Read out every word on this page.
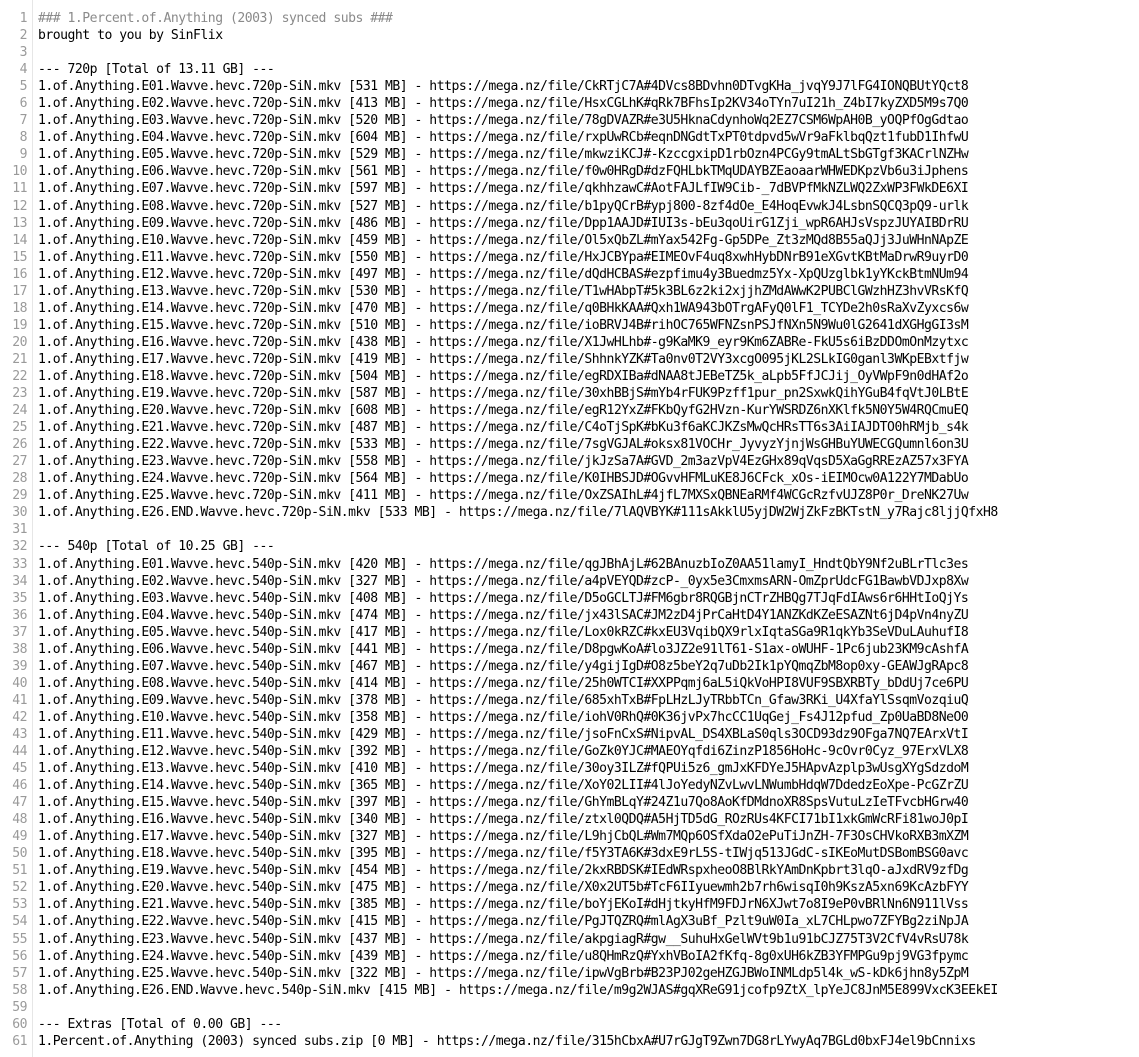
1 ### 1.Percent.of.Anything (2003) synced subs ###
2 brought to you by SinFlix
3
4 --- 720p [Total of 13.11 GB] ---
5 1.of.Anything.E01.Wavve.hevc.720p-SiN.mkv [531 MB] - https://mega.nz/file/CkRTjC7A#4DVcs8BDvhn0DTvgKHa_jvqY9J7lFG4IONQBUtYQct8
6 1.of.Anything.E02.Wavve.hevc.720p-SiN.mkv [413 MB] - https://mega.nz/file/HsxCGLhK#qRk7BFhsIp2KV34oTYn7uI21h_Z4bI7kyZXD5M9s7Q0
7 1.of.Anything.E03.Wavve.hevc.720p-SiN.mkv [520 MB] - https://mega.nz/file/78gDVAZR#e3U5HknaCdynhoWq2EZ7CSM6WpAH0B_yOQPfOgGdtao
8 1.of.Anything.E04.Wavve.hevc.720p-SiN.mkv [604 MB] - https://mega.nz/file/rxpUwRCb#eqnDNGdtTxPT0tdpvd5wVr9aFklbqQzt1fubD1IhfwU
9 1.of.Anything.E05.Wavve.hevc.720p-SiN.mkv [529 MB] - https://mega.nz/file/mkwziKCJ#-KzccgxipD1rbOzn4PCGy9tmALtSbGTgf3KACrlNZHw
10 1.of.Anything.E06.Wavve.hevc.720p-SiN.mkv [561 MB] - https://mega.nz/file/f0w0HRgD#dzFQHLbkTMqUDAYBZEaoaarWHWEDKpzVb6u3iJphens
11 1.of.Anything.E07.Wavve.hevc.720p-SiN.mkv [597 MB] - https://mega.nz/file/qkhhzawC#AotFAJLfIW9Cib-_7dBVPfMkNZLWQ2ZxWP3FWkDE6XI
12 1.of.Anything.E08.Wavve.hevc.720p-SiN.mkv [527 MB] - https://mega.nz/file/b1pyQCrB#ypj800-8zf4dOe_E4HoqEvwkJ4LsbnSQCQ3pQ9-urlk
13 1.of.Anything.E09.Wavve.hevc.720p-SiN.mkv [486 MB] - https://mega.nz/file/Dpp1AAJD#IUI3s-bEu3qoUirG1Zji_wpR6AHJsVspzJUYAIBDrRU
14 1.of.Anything.E10.Wavve.hevc.720p-SiN.mkv [459 MB] - https://mega.nz/file/Ol5xQbZL#mYax542Fg-Gp5DPe_Zt3zMQd8B55aQJj3JuWHnNApZE
15 1.of.Anything.E11.Wavve.hevc.720p-SiN.mkv [550 MB] - https://mega.nz/file/HxJCBYpa#EIMEOvF4uq8xwhHybDNrB91eXGvtKBtMaDrwR9uyrD0
16 1.of.Anything.E12.Wavve.hevc.720p-SiN.mkv [497 MB] - https://mega.nz/file/dQdHCBAS#ezpfimu4y3Buedmz5Yx-XpQUzglbk1yYKckBtmNUm94
17 1.of.Anything.E13.Wavve.hevc.720p-SiN.mkv [530 MB] - https://mega.nz/file/T1wHAbpT#5k3BL6z2ki2xjjhZMdAWwK2PUBClGWzhHZ3hvVRsKfQ
18 1.of.Anything.E14.Wavve.hevc.720p-SiN.mkv [470 MB] - https://mega.nz/file/q0BHkKAA#Qxh1WA943bOTrgAFyQ0lF1_TCYDe2h0sRaXvZyxcs6w
19 1.of.Anything.E15.Wavve.hevc.720p-SiN.mkv [510 MB] - https://mega.nz/file/ioBRVJ4B#rihOC765WFNZsnPSJfNXn5N9Wu0lG2641dXGHgGI3sM
20 1.of.Anything.E16.Wavve.hevc.720p-SiN.mkv [438 MB] - https://mega.nz/file/X1JwHLhb#-g9KaMK9_eyr9Km6ZABRe-FkU5s6iBzDDOmOnMzytxc
21 1.of.Anything.E17.Wavve.hevc.720p-SiN.mkv [419 MB] - https://mega.nz/file/ShhnkYZK#Ta0nv0T2VY3xcgO095jKL2SLkIG0ganl3WKpEBxtfjw
22 1.of.Anything.E18.Wavve.hevc.720p-SiN.mkv [504 MB] - https://mega.nz/file/egRDXIBa#dNAA8tJEBeTZ5k_aLpb5FfJCJij_OyVWpF9n0dHAf2o
23 1.of.Anything.E19.Wavve.hevc.720p-SiN.mkv [587 MB] - https://mega.nz/file/30xhBBjS#mYb4rFUK9Pzff1pur_pn2SxwkQihYGuB4fqVtJ0LBtE
24 1.of.Anything.E20.Wavve.hevc.720p-SiN.mkv [608 MB] - https://mega.nz/file/egR12YxZ#FKbQyfG2HVzn-KurYWSRDZ6nXKlfk5N0Y5W4RQCmuEQ
25 1.of.Anything.E21.Wavve.hevc.720p-SiN.mkv [487 MB] - https://mega.nz/file/C4oTjSpK#bKu3f6aKCJKZsMwQcHRsTT6s3AiIAJDTO0hRMjb_s4k
26 1.of.Anything.E22.Wavve.hevc.720p-SiN.mkv [533 MB] - https://mega.nz/file/7sgVGJAL#oksx81VOCHr_JyvyzYjnjWsGHBuYUWECGQumnl6on3U
27 1.of.Anything.E23.Wavve.hevc.720p-SiN.mkv [558 MB] - https://mega.nz/file/jkJzSa7A#GVD_2m3azVpV4EzGHx89qVqsD5XaGgRREzAZ57x3FYA
28 1.of.Anything.E24.Wavve.hevc.720p-SiN.mkv [564 MB] - https://mega.nz/file/K0IHBSJD#OGvvHFMLuKE8J6CFck_xOs-iEIMOcw0A122Y7MDabUo
29 1.of.Anything.E25.Wavve.hevc.720p-SiN.mkv [411 MB] - https://mega.nz/file/OxZSAIhL#4jfL7MXSxQBNEaRMf4WCGcRzfvUJZ8P0r_DreNK27Uw
30 1.of.Anything.E26.END.Wavve.hevc.720p-SiN.mkv [533 MB] - https://mega.nz/file/7lAQVBYK#111sAkklU5yjDW2WjZkFzBKTstN_y7Rajc8ljjQfxH8
31
32 --- 540p [Total of 10.25 GB] ---
33 1.of.Anything.E01.Wavve.hevc.540p-SiN.mkv [420 MB] - https://mega.nz/file/qgJBhAjL#62BAnuzbIoZ0AA51lamyI_HndtQbY9Nf2uBLrTlc3es
34 1.of.Anything.E02.Wavve.hevc.540p-SiN.mkv [327 MB] - https://mega.nz/file/a4pVEYQD#zcP-_0yx5e3CmxmsARN-OmZprUdcFG1BawbVDJxp8Xw
35 1.of.Anything.E03.Wavve.hevc.540p-SiN.mkv [408 MB] - https://mega.nz/file/D5oGCLTJ#FM6gbr8RQGBjnCTrZHBQg7TJqFdIAws6r6HHtIoQjYs
36 1.of.Anything.E04.Wavve.hevc.540p-SiN.mkv [474 MB] - https://mega.nz/file/jx43lSAC#JM2zD4jPrCaHtD4Y1ANZKdKZeESAZNt6jD4pVn4nyZU
37 1.of.Anything.E05.Wavve.hevc.540p-SiN.mkv [417 MB] - https://mega.nz/file/Lox0kRZC#kxEU3VqibQX9rlxIqtaSGa9R1qkYb3SeVDuLAuhufI8
38 1.of.Anything.E06.Wavve.hevc.540p-SiN.mkv [441 MB] - https://mega.nz/file/D8pgwKoA#lo3JZ2e91lT61-S1ax-oWUHF-1Pc6jub23KM9cAshfA
39 1.of.Anything.E07.Wavve.hevc.540p-SiN.mkv [467 MB] - https://mega.nz/file/y4gijIgD#O8z5beY2q7uDb2Ik1pYQmqZbM8op0xy-GEAWJgRApc8
40 1.of.Anything.E08.Wavve.hevc.540p-SiN.mkv [414 MB] - https://mega.nz/file/25h0WTCI#XXPPqmj6aL5iQkVoHPI8VUF9SBXRBTy_bDdUj7ce6PU
41 1.of.Anything.E09.Wavve.hevc.540p-SiN.mkv [378 MB] - https://mega.nz/file/685xhTxB#FpLHzLJyTRbbTCn_Gfaw3RKi_U4XfaYlSsqmVozqiuQ
42 1.of.Anything.E10.Wavve.hevc.540p-SiN.mkv [358 MB] - https://mega.nz/file/iohV0RhQ#0K36jvPx7hcCC1UqGej_Fs4J12pfud_Zp0UaBD8NeO0
43 1.of.Anything.E11.Wavve.hevc.540p-SiN.mkv [429 MB] - https://mega.nz/file/jsoFnCxS#NipvAL_DS4XBLaS0qls3OCD93dz9OFga7NQ7EArxVtI
44 1.of.Anything.E12.Wavve.hevc.540p-SiN.mkv [392 MB] - https://mega.nz/file/GoZk0YJC#MAEOYqfdi6ZinzP1856HoHc-9cOvr0Cyz_97ErxVLX8
45 1.of.Anything.E13.Wavve.hevc.540p-SiN.mkv [410 MB] - https://mega.nz/file/30oy3ILZ#fQPUi5z6_gmJxKFDYeJ5HApvAzplp3wUsgXYgSdzdoM
46 1.of.Anything.E14.Wavve.hevc.540p-SiN.mkv [365 MB] - https://mega.nz/file/XoY02LII#4lJoYedyNZvLwvLNWumbHdqW7DdedzEoXpe-PcGZrZU
47 1.of.Anything.E15.Wavve.hevc.540p-SiN.mkv [397 MB] - https://mega.nz/file/GhYmBLqY#24Z1u7Qo8AoKfDMdnoXR8SpsVutuLzIeTFvcbHGrw40
48 1.of.Anything.E16.Wavve.hevc.540p-SiN.mkv [340 MB] - https://mega.nz/file/ztxl0QDQ#A5HjTD5dG_ROzRUs4KFCI71bI1xkGmWcRFi81woJ0pI
49 1.of.Anything.E17.Wavve.hevc.540p-SiN.mkv [327 MB] - https://mega.nz/file/L9hjCbQL#Wm7MQp6OSfXdaO2ePuTiJnZH-7F3OsCHVkoRXB3mXZM
50 1.of.Anything.E18.Wavve.hevc.540p-SiN.mkv [395 MB] - https://mega.nz/file/f5Y3TA6K#3dxE9rL5S-tIWjq513JGdC-sIKEoMutDSBomBSG0avc
51 1.of.Anything.E19.Wavve.hevc.540p-SiN.mkv [454 MB] - https://mega.nz/file/2kxRBDSK#IEdWRspxheoO8BlRkYAmDnKpbrt3lqO-aJxdRV9zfDg
52 1.of.Anything.E20.Wavve.hevc.540p-SiN.mkv [475 MB] - https://mega.nz/file/X0x2UT5b#TcF6IIyuewmh2b7rh6wisqI0h9KszA5xn69KcAzbFYY
53 1.of.Anything.E21.Wavve.hevc.540p-SiN.mkv [385 MB] - https://mega.nz/file/boYjEKoI#dHjtkyHfM9FDJrN6XJwt7o8I9eP0vBRlNn6N911lVss
54 1.of.Anything.E22.Wavve.hevc.540p-SiN.mkv [415 MB] - https://mega.nz/file/PgJTQZRQ#mlAgX3uBf_Pzlt9uW0Ia_xL7CHLpwo7ZFYBg2ziNpJA
55 1.of.Anything.E23.Wavve.hevc.540p-SiN.mkv [437 MB] - https://mega.nz/file/akpgiagR#gw__SuhuHxGelWVt9b1u91bCJZ75T3V2CfV4vRsU78k
56 1.of.Anything.E24.Wavve.hevc.540p-SiN.mkv [439 MB] - https://mega.nz/file/u8QHmRzQ#YxhVBoIA2fKfq-8g0xUH6kZB3YFMPGu9pj9VG3fpymc
57 1.of.Anything.E25.Wavve.hevc.540p-SiN.mkv [322 MB] - https://mega.nz/file/ipwVgBrb#B23PJ02geHZGJBWoINMLdp5l4k_wS-kDk6jhn8y5ZpM
58 1.of.Anything.E26.END.Wavve.hevc.540p-SiN.mkv [415 MB] - https://mega.nz/file/m9g2WJAS#gqXReG91jcofp9ZtX_lpYeJC8JnM5E899VxcK3EEkEI
59
60 --- Extras [Total of 0.00 GB] ---
61 1.Percent.of.Anything (2003) synced subs.zip [0 MB] - https://mega.nz/file/315hCbxA#U7rGJgT9Zwn7DG8rLYwyAq7BGLd0bxFJ4el9bCnnixs
